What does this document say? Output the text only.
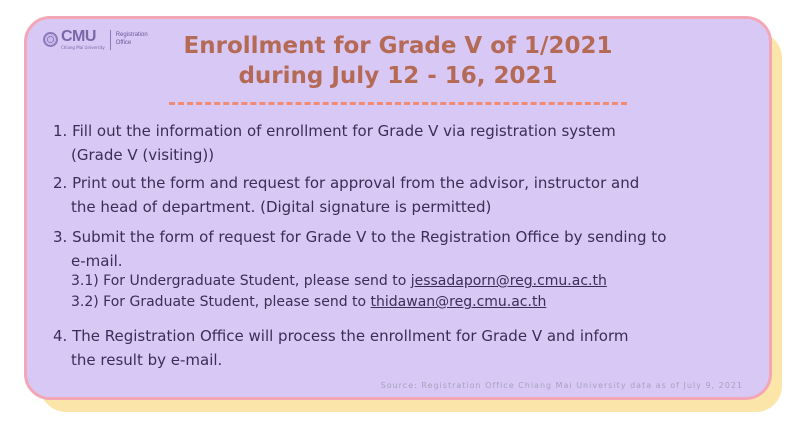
CMU
Chiang Mai University
Registration
Office	Enrollment for Grade V of 1/2021
during July 12 - 16, 2021
1. Fill out the information of enrollment for Grade V via registration system
(Grade V (visiting))
2. Print out the form and request for approval from the advisor, instructor and
the head of department. (Digital signature is permitted)
3. Submit the form of request for Grade V to the Registration Office by sending to
e-mail.
3.1) For Undergraduate Student, please send to jessadaporn@reg.cmu.ac.th
3.2) For Graduate Student, please send to thidawan@reg.cmu.ac.th
4. The Registration Office will process the enrollment for Grade V and inform
the result by e-mail.
Source: Registration Office Chiang Mai University data as of July 9, 2021
